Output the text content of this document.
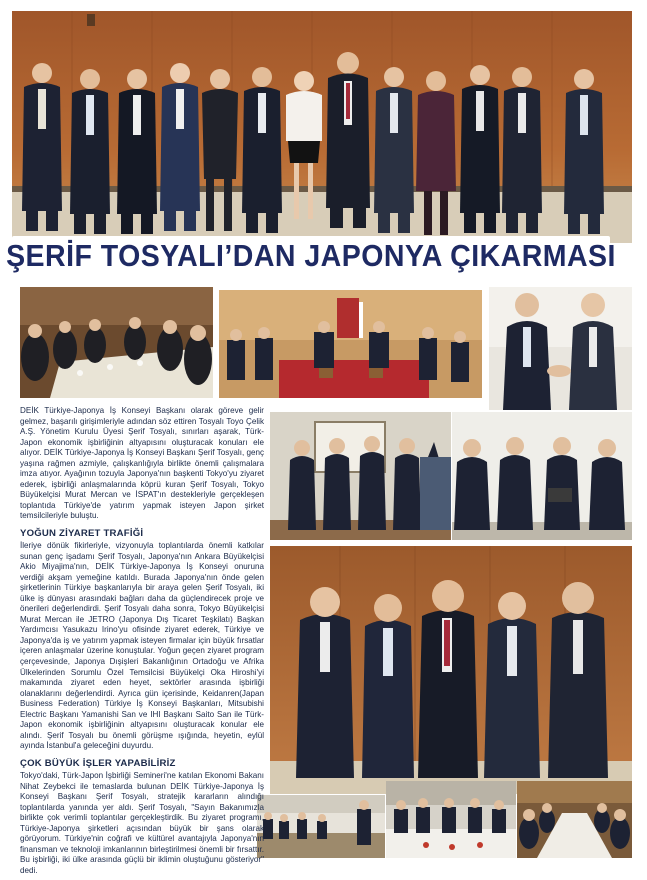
ŞERİF TOSYALI’DAN JAPONYA ÇIKARMASI

DEİK Türkiye-Japonya İş Konseyi Başkanı olarak göreve gelir gelmez, başarılı girişimleriyle adından söz ettiren Tosyalı Toyo Çelik A.Ş. Yönetim Kurulu Üyesi Şerif Tosyalı, sınırları aşarak, Türk-Japon ekonomik işbirliğinin altyapısını oluşturacak konuları ele alıyor. DEİK Türkiye-Japonya İş Konseyi Başkanı Şerif Tosyalı, genç yaşına rağmen azmiyle, çalışkanlığıyla birlikte önemli çalışmalara imza atıyor. Ayağının tozuyla Japonya'nın başkenti Tokyo'yu ziyaret ederek, işbirliği anlaşmalarında köprü kuran Şerif Tosyalı, Tokyo Büyükelçisi Murat Mercan ve İSPAT'ın destekleriyle gerçekleşen toplantıda Türkiye'de yatırım yapmak isteyen Japon şirket temsilcileriyle buluştu.

YOĞUN ZİYARET TRAFİĞİ

İleriye dönük fikirleriyle, vizyonuyla toplantılarda önemli katkılar sunan genç işadamı Şerif Tosyalı, Japonya'nın Ankara Büyükelçisi Akio Miyajima'nın, DEİK Türkiye-Japonya İş Konseyi onuruna verdiği akşam yemeğine katıldı. Burada Japonya'nın önde gelen şirketlerinin Türkiye başkanlarıyla bir araya gelen Şerif Tosyalı, iki ülke iş dünyası arasındaki bağları daha da güçlendirecek proje ve önerileri değerlendirdi. Şerif Tosyalı daha sonra, Tokyo Büyükelçisi Murat Mercan ile JETRO (Japonya Dış Ticaret Teşkilatı) Başkan Yardımcısı Yasukazu Irino'yu ofisinde ziyaret ederek, Türkiye ve Japonya'da iş ve yatırım yapmak isteyen firmalar için büyük fırsatlar içeren anlaşmalar üzerine konuştular. Yoğun geçen ziyaret program çerçevesinde, Japonya Dışişleri Bakanlığının Ortadoğu ve Afrika Ülkelerinden Sorumlu Özel Temsilcisi Büyükelçi Oka Hiroshi'yi makamında ziyaret eden heyet, sektörler arasında işbirliği olanaklarını değerlendirdi. Ayrıca gün içerisinde, Keidanren(Japan Business Federation) Türkiye İş Konseyi Başkanları, Mitsubishi Electric Başkanı Yamanishi San ve IHI Başkanı Saito San ile Türk-Japon ekonomik işbirliğinin altyapısını oluşturacak konular ele alındı. Şerif Tosyalı bu önemli görüşme ışığında, heyetin, eylül ayında İstanbul'a geleceğini duyurdu.

ÇOK BÜYÜK İŞLER YAPABİLİRİZ

Tokyo'daki, Türk-Japon İşbirliği Semineri'ne katılan Ekonomi Bakanı Nihat Zeybekci ile temaslarda bulunan DEİK Türkiye-Japonya İş Konseyi Başkanı Şerif Tosyalı, stratejik kararların alındığı toplantılarda yanında yer aldı. Şerif Tosyalı, "Sayın Bakanımızla birlikte çok verimli toplantılar gerçekleştirdik. Bu ziyaret programı, Türkiye-Japonya şirketleri açısından büyük bir şans olarak görüyorum. Türkiye'nin coğrafi ve kültürel avantajıyla Japonya'nın finansman ve teknoloji imkanlarının birleştirilmesi önemli bir fırsattır. Bu işbirliği, iki ülke arasında güçlü bir iklimin oluştuğunu gösteriyor" dedi.
